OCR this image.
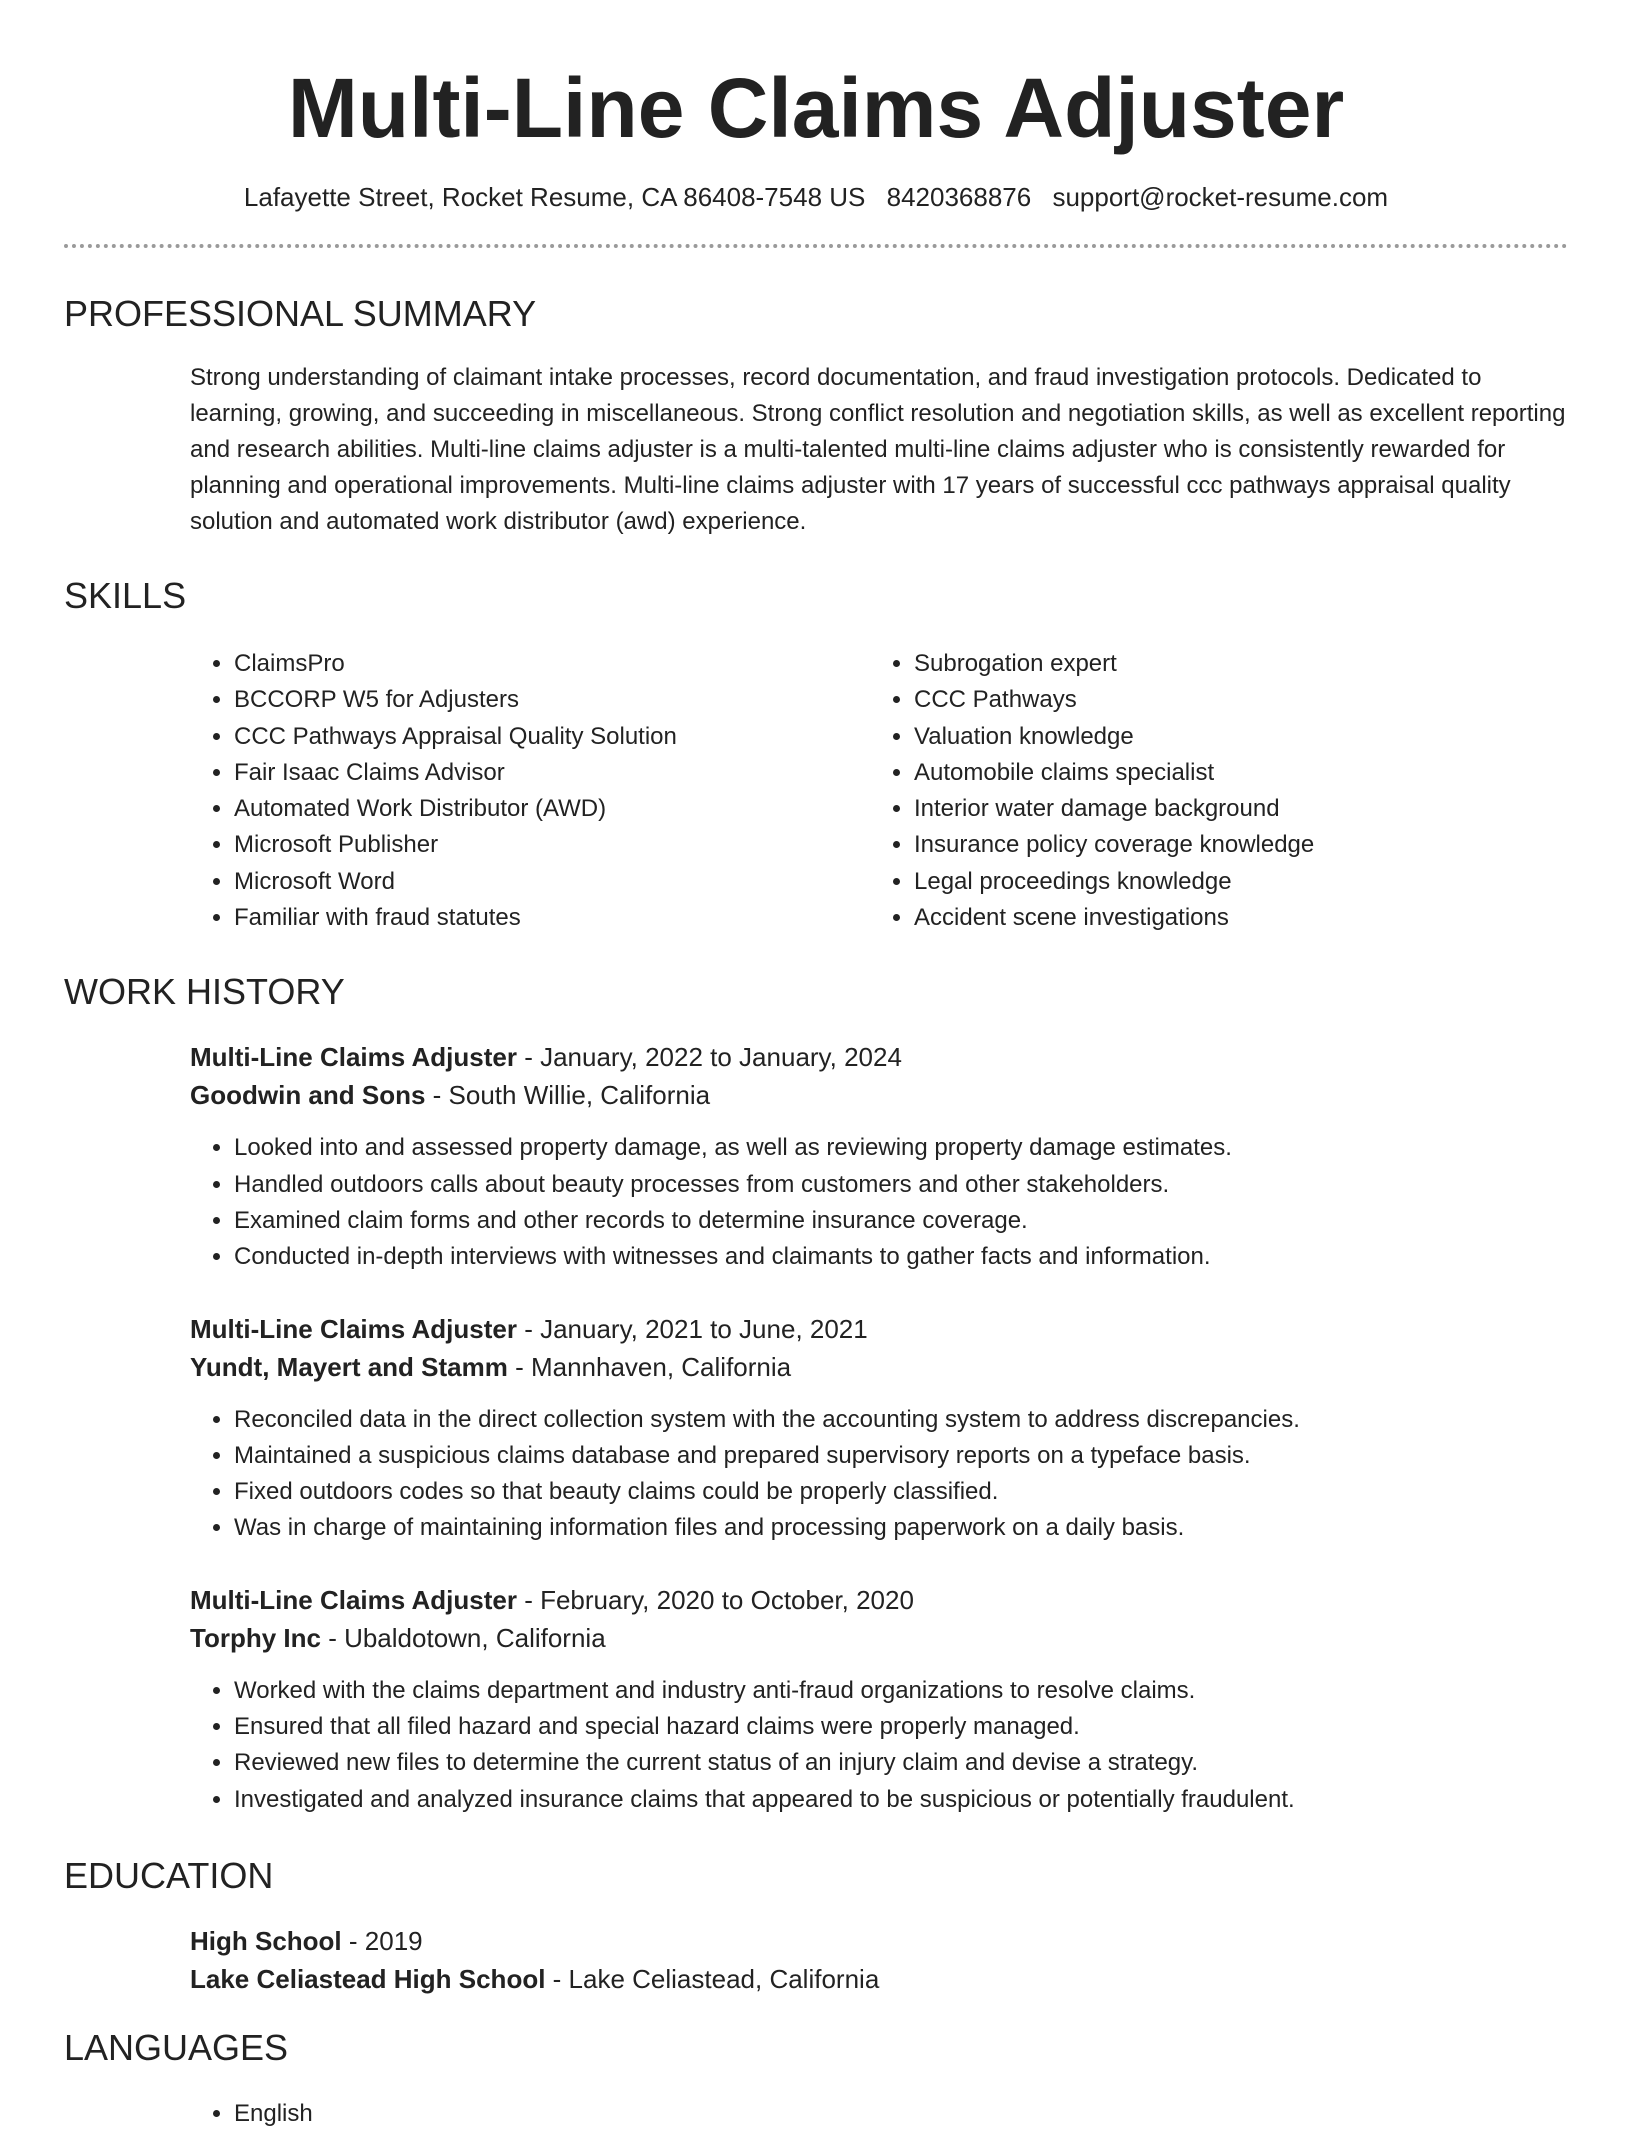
Multi-Line Claims Adjuster
Lafayette Street, Rocket Resume, CA 86408-7548 US 8420368876 support@rocket-resume.com
PROFESSIONAL SUMMARY

Strong understanding of claimant intake processes, record documentation, and fraud investigation protocols. Dedicated to learning, growing, and succeeding in miscellaneous. Strong conflict resolution and negotiation skills, as well as excellent reporting and research abilities. Multi-line claims adjuster is a multi-talented multi-line claims adjuster who is consistently rewarded for planning and operational improvements. Multi-line claims adjuster with 17 years of successful ccc pathways appraisal quality solution and automated work distributor (awd) experience.

SKILLS
• ClaimsPro
• BCCORP W5 for Adjusters
• CCC Pathways Appraisal Quality Solution
• Fair Isaac Claims Advisor
• Automated Work Distributor (AWD)
• Microsoft Publisher
• Microsoft Word
• Familiar with fraud statutes
• Subrogation expert
• CCC Pathways
• Valuation knowledge
• Automobile claims specialist
• Interior water damage background
• Insurance policy coverage knowledge
• Legal proceedings knowledge
• Accident scene investigations
WORK HISTORY
Multi-Line Claims Adjuster - January, 2022 to January, 2024
Goodwin and Sons - South Willie, California
• Looked into and assessed property damage, as well as reviewing property damage estimates.
• Handled outdoors calls about beauty processes from customers and other stakeholders.
• Examined claim forms and other records to determine insurance coverage.
• Conducted in-depth interviews with witnesses and claimants to gather facts and information.
Multi-Line Claims Adjuster - January, 2021 to June, 2021
Yundt, Mayert and Stamm - Mannhaven, California
• Reconciled data in the direct collection system with the accounting system to address discrepancies.
• Maintained a suspicious claims database and prepared supervisory reports on a typeface basis.
• Fixed outdoors codes so that beauty claims could be properly classified.
• Was in charge of maintaining information files and processing paperwork on a daily basis.
Multi-Line Claims Adjuster - February, 2020 to October, 2020
Torphy Inc - Ubaldotown, California
• Worked with the claims department and industry anti-fraud organizations to resolve claims.
• Ensured that all filed hazard and special hazard claims were properly managed.
• Reviewed new files to determine the current status of an injury claim and devise a strategy.
• Investigated and analyzed insurance claims that appeared to be suspicious or potentially fraudulent.
EDUCATION
High School - 2019
Lake Celiastead High School - Lake Celiastead, California
LANGUAGES
• English
